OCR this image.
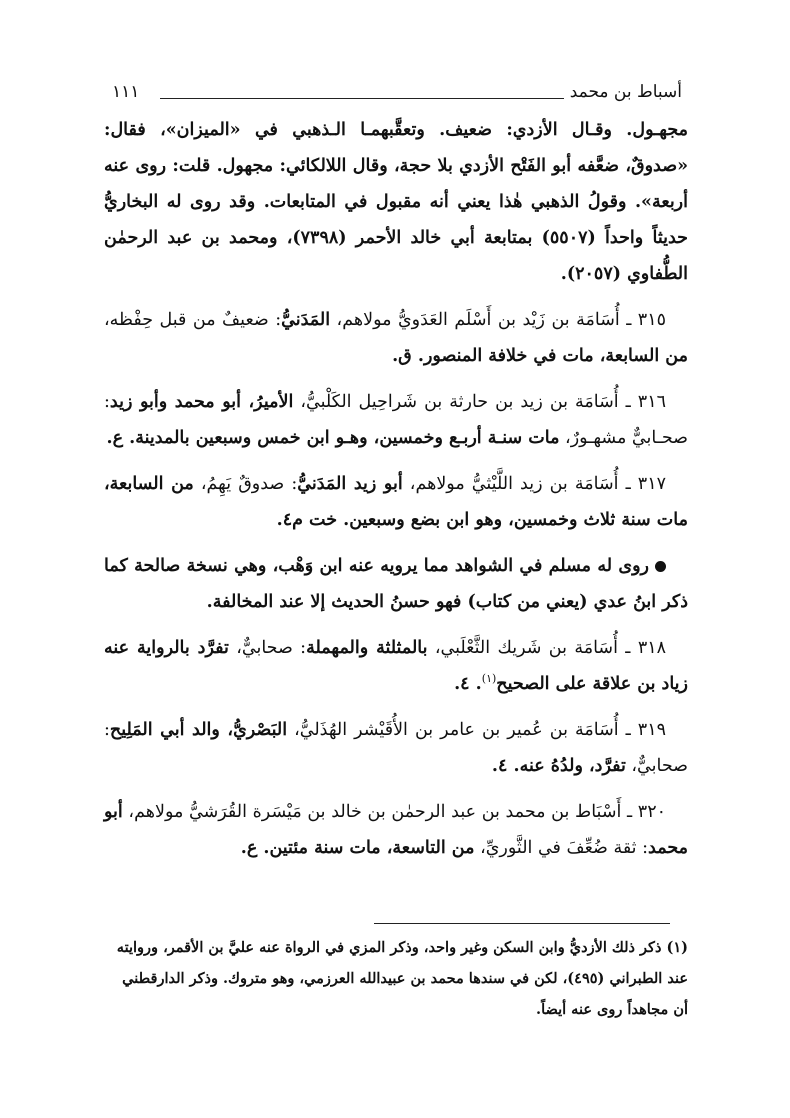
أسباط بن محمد
١١١

مجهـول. وقـال الأزدي: ضعيف. وتعقَّبهمـا الـذهبي في «الميزان»، فقال: «صدوقٌ، ضعَّفه أبو الفَتْح الأزدي بلا حجة، وقال اللالكائي: مجهول. قلت: روى عنه أربعة». وقولُ الذهبي هٰذا يعني أنه مقبول في المتابعات. وقد روى له البخاريُّ حديثاً واحداً (٥٥٠٧) بمتابعة أبي خالد الأحمر (٧٣٩٨)، ومحمد بن عبد الرحمٰن الطُّفاوي (٢٠٥٧).

٣١٥ ـ أُسَامَة بن زَيْد بن أَسْلَم العَدَويُّ مولاهم، المَدَنيُّ: ضعيفٌ من قبل حِفْظه، من السابعة، مات في خلافة المنصور. ق.

٣١٦ ـ أُسَامَة بن زيد بن حارثة بن شَراحِيل الكَلْبيُّ، الأميرُ، أبو محمد وأبو زيد: صحـابيٌّ مشهـورٌ، مات سنـة أربـع وخمسين، وهـو ابن خمس وسبعين بالمدينة. ع.

٣١٧ ـ أُسَامَة بن زيد اللَّيْثيُّ مولاهم، أبو زيد المَدَنيُّ: صدوقٌ يَهِمُ، من السابعة، مات سنة ثلاث وخمسين، وهو ابن بضع وسبعين. خت م٤.

روى له مسلم في الشواهد مما يرويه عنه ابن وَهْب، وهي نسخة صالحة كما ذكر ابنُ عدي (يعني من كتاب) فهو حسنُ الحديث إلا عند المخالفة.

٣١٨ ـ أُسَامَة بن شَريك الثَّعْلَبي، بالمثلثة والمهملة: صحابيٌّ، تفرَّد بالرواية عنه زياد بن علاقة على الصحيح$^{(١)}$. ٤.

٣١٩ ـ أُسَامَة بن عُمير بن عامر بن الأُقَيْشر الهُذَليُّ، البَصْريُّ، والد أبي المَلِيح: صحابيٌّ، تفرَّد، ولدُهُ عنه. ٤.

٣٢٠ ـ أَسْبَاط بن محمد بن عبد الرحمٰن بن خالد بن مَيْسَرة القُرَشيُّ مولاهم، أبو محمد: ثقة ضُعِّفَ في الثَّوريِّ، من التاسعة، مات سنة مئتين. ع.

(١) ذكر ذلك الأزديُّ وابن السكن وغير واحد، وذكر المزي في الرواة عنه عليَّ بن الأقمر، وروايته عند الطبراني (٤٩٥)، لكن في سندها محمد بن عبيدالله العرزمي، وهو متروك. وذكر الدارقطني أن مجاهداً روى عنه أيضاً.
